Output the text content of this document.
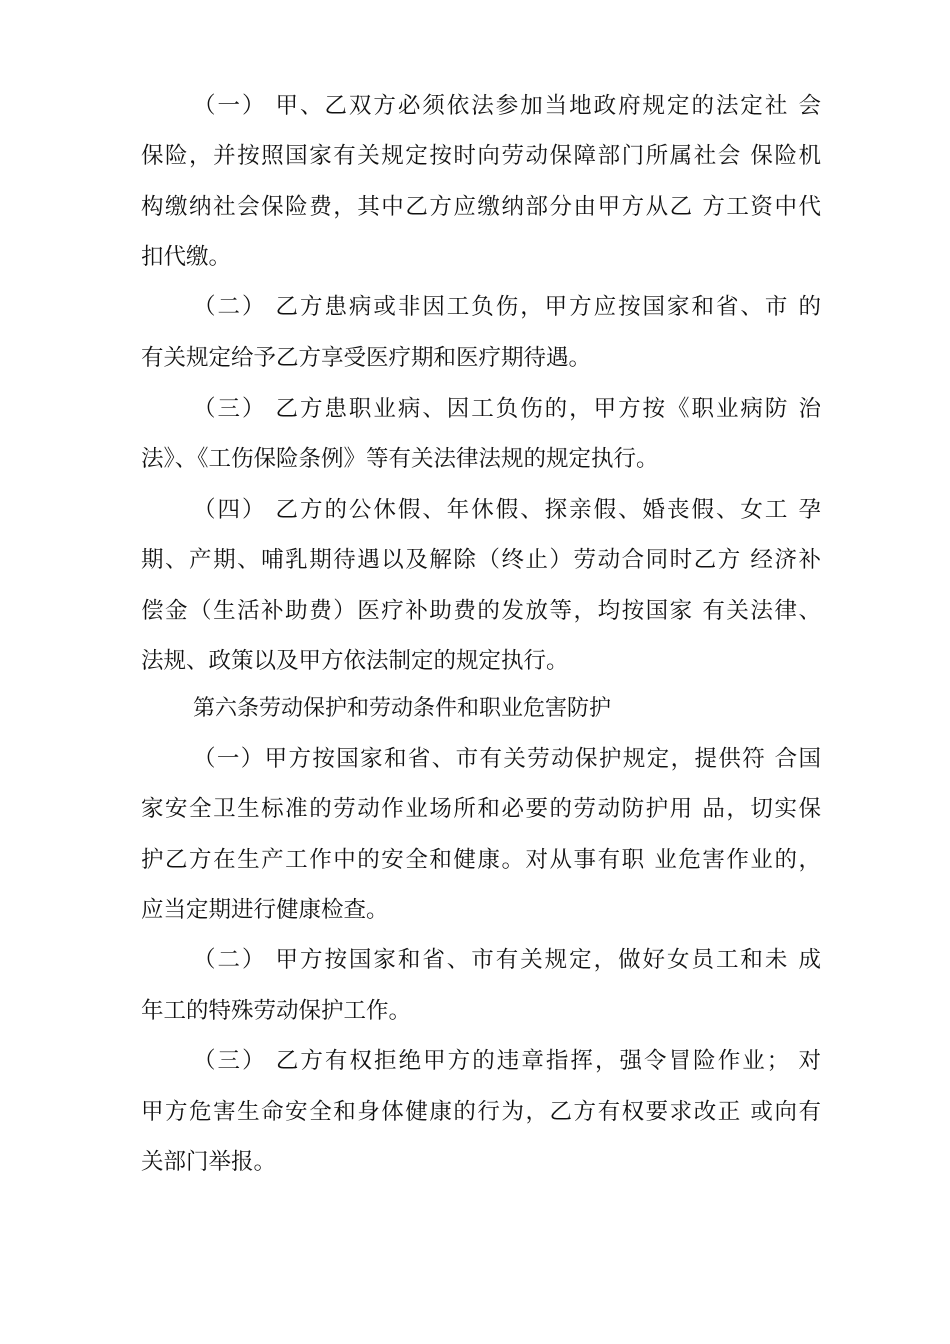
（一） 甲、乙双方必须依法参加当地政府规定的法定社 会
保险，并按照国家有关规定按时向劳动保障部门所属社会 保险机
构缴纳社会保险费，其中乙方应缴纳部分由甲方从乙 方工资中代
扣代缴。
（二） 乙方患病或非因工负伤，甲方应按国家和省、市 的
有关规定给予乙方享受医疗期和医疗期待遇。
（三） 乙方患职业病、因工负伤的，甲方按《职业病防 治
法》、《工伤保险条例》等有关法律法规的规定执行。
（四） 乙方的公休假、年休假、探亲假、婚丧假、女工 孕
期、产期、哺乳期待遇以及解除（终止）劳动合同时乙方 经济补
偿金（生活补助费）医疗补助费的发放等，均按国家 有关法律、
法规、政策以及甲方依法制定的规定执行。
第六条劳动保护和劳动条件和职业危害防护
（一）甲方按国家和省、市有关劳动保护规定，提供符 合国
家安全卫生标准的劳动作业场所和必要的劳动防护用 品，切实保
护乙方在生产工作中的安全和健康。对从事有职 业危害作业的，
应当定期进行健康检查。
（二） 甲方按国家和省、市有关规定，做好女员工和未 成
年工的特殊劳动保护工作。
（三） 乙方有权拒绝甲方的违章指挥，强令冒险作业； 对
甲方危害生命安全和身体健康的行为，乙方有权要求改正 或向有
关部门举报。
